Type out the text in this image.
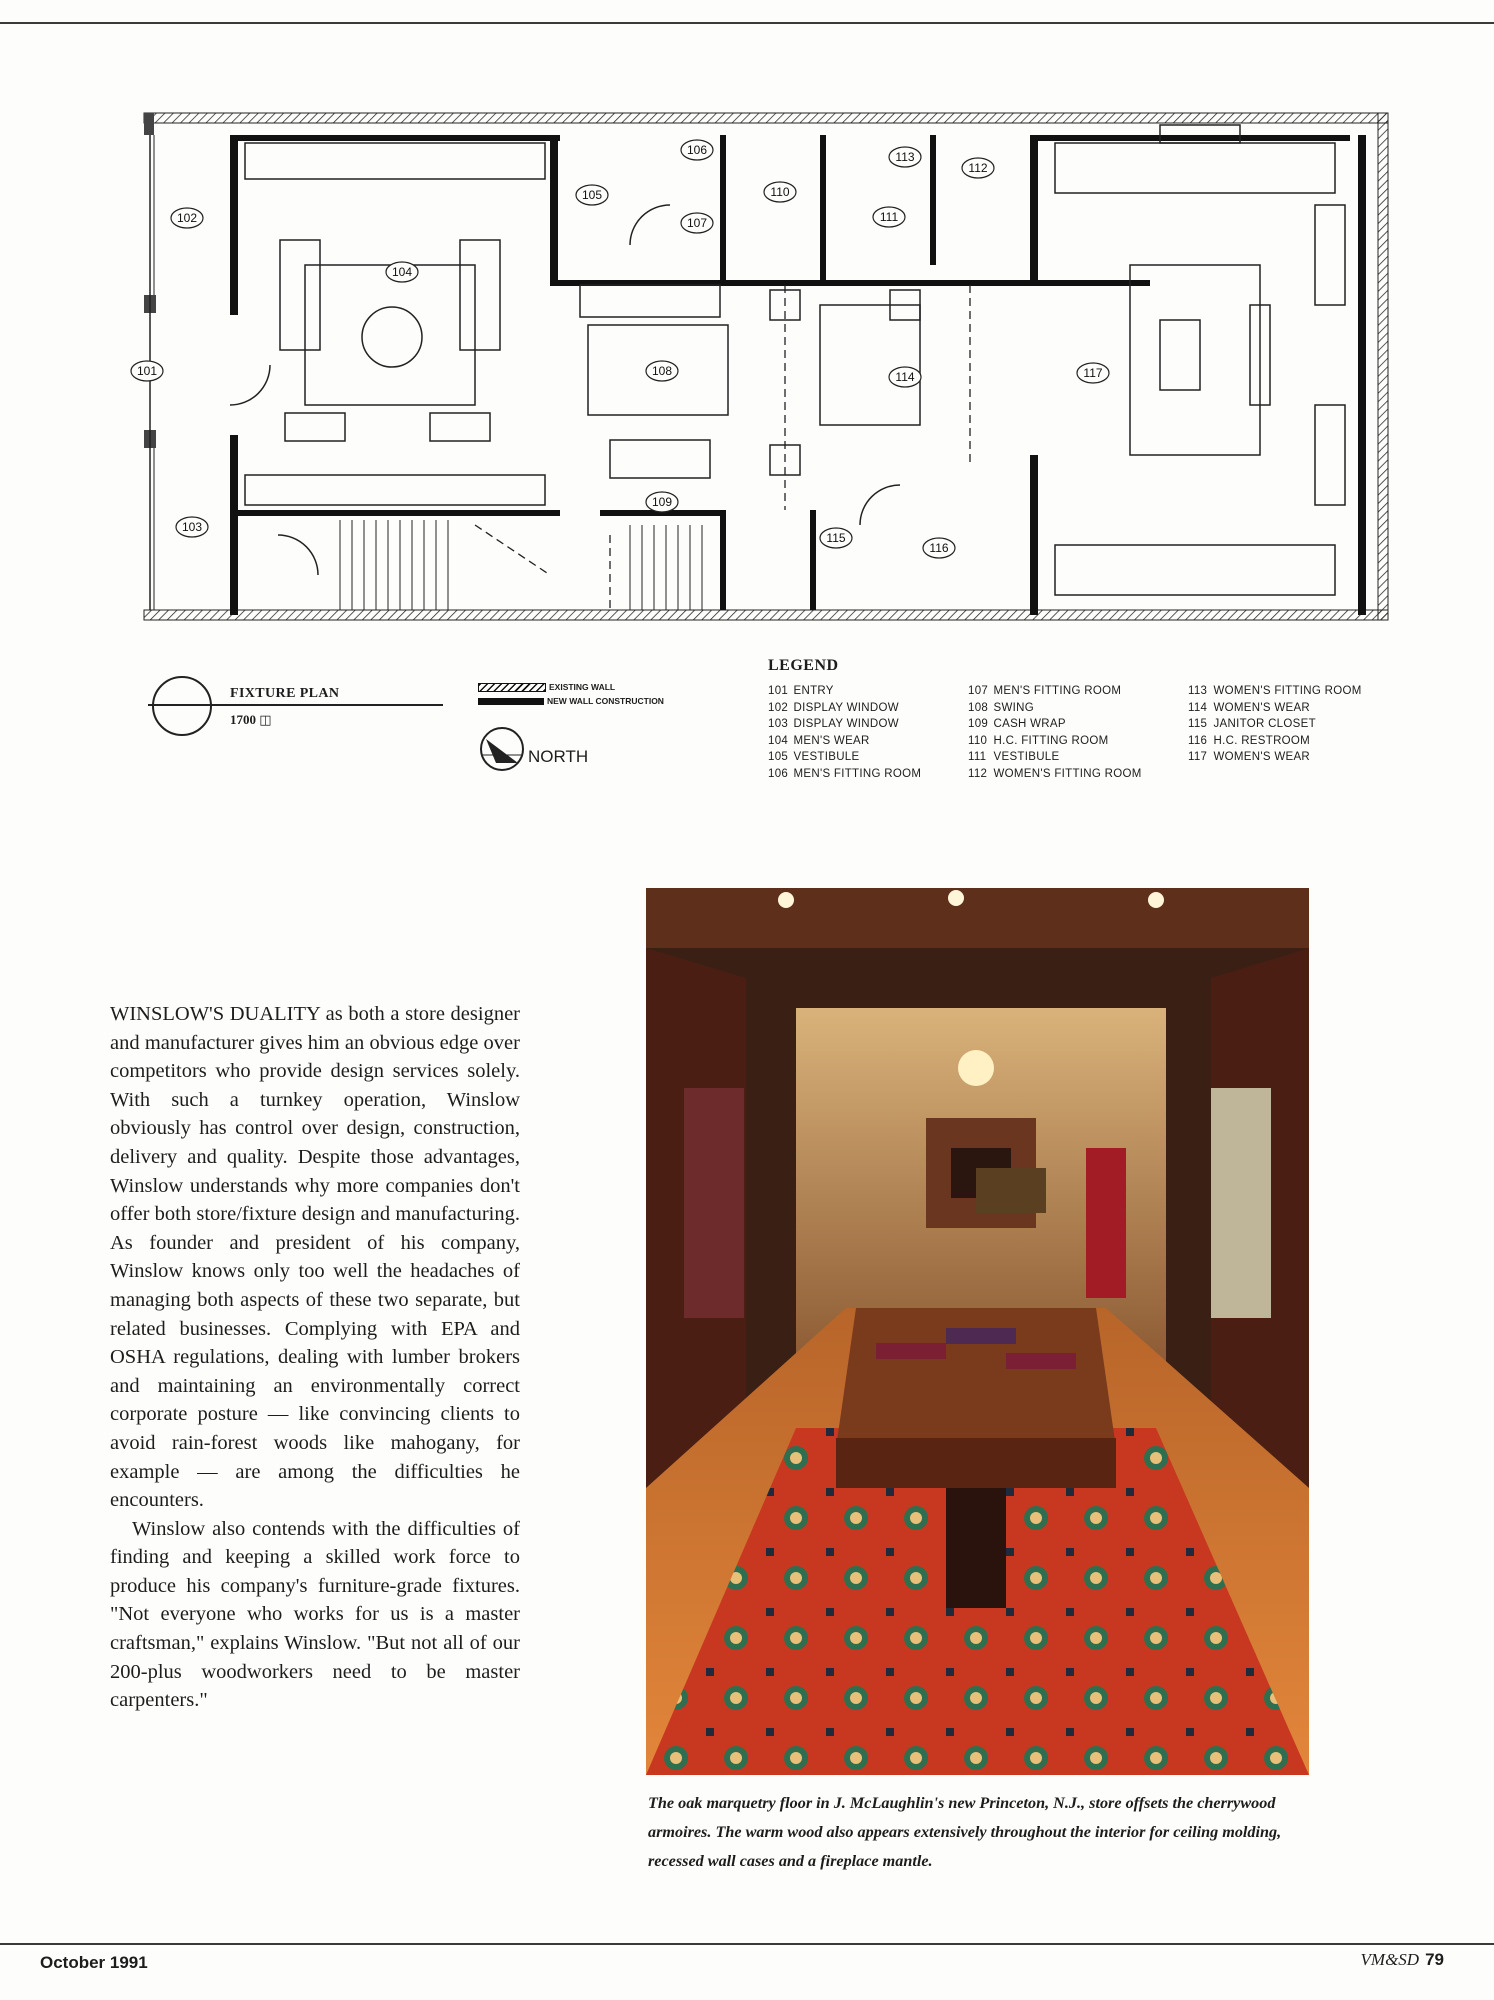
102
101
103
104
105
106
107
108
109
110
111
112
113
114
115
116
117
FIXTURE PLAN
1700 ◫
EXISTING WALL
NEW WALL CONSTRUCTION
NORTH
LEGEND
101 ENTRY
102 DISPLAY WINDOW
103 DISPLAY WINDOW
104 MEN'S WEAR
105 VESTIBULE
106 MEN'S FITTING ROOM
107 MEN'S FITTING ROOM
108 SWING
109 CASH WRAP
110 H.C. FITTING ROOM
111 VESTIBULE
112 WOMEN'S FITTING ROOM
113 WOMEN'S FITTING ROOM
114 WOMEN'S WEAR
115 JANITOR CLOSET
116 H.C. RESTROOM
117 WOMEN'S WEAR

WINSLOW'S DUALITY as both a store designer and manufacturer gives him an obvious edge over competitors who provide design services solely. With such a turnkey operation, Winslow obviously has control over design, construction, delivery and quality. Despite those advantages, Winslow understands why more companies don't offer both store/fixture design and manufacturing. As founder and president of his company, Winslow knows only too well the headaches of managing both aspects of these two separate, but related businesses. Complying with EPA and OSHA regulations, dealing with lumber brokers and maintaining an environmentally correct corporate posture — like convincing clients to avoid rain-forest woods like mahogany, for example — are among the difficulties he encounters.

Winslow also contends with the difficulties of finding and keeping a skilled work force to produce his company's furniture-grade fixtures. "Not everyone who works for us is a master craftsman," explains Winslow. "But not all of our 200-plus woodworkers need to be master carpenters."

The oak marquetry floor in J. McLaughlin's new Princeton, N.J., store offsets the cherrywood armoires. The warm wood also appears extensively throughout the interior for ceiling molding, recessed wall cases and a fireplace mantle.
October 1991	VM&SD 79
